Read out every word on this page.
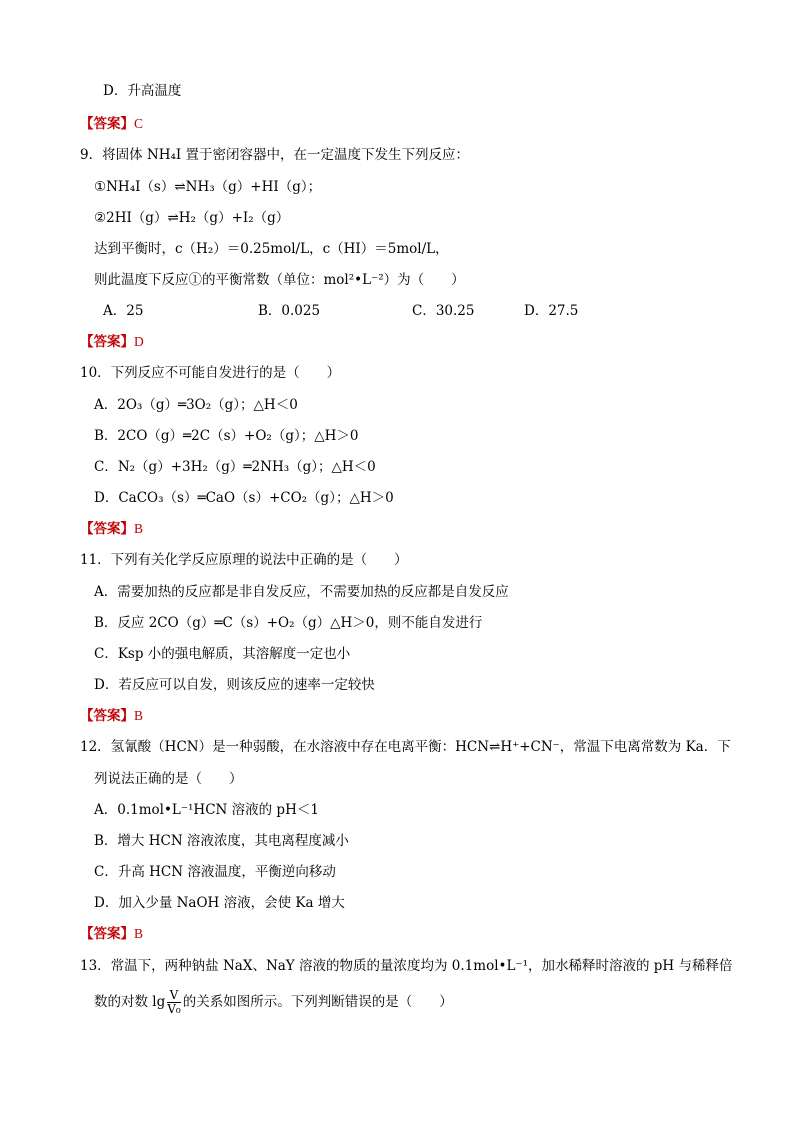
D．升高温度
【答案】C
9．将固体 NH₄I 置于密闭容器中，在一定温度下发生下列反应：
①NH₄I（s）⇌NH₃（g）+HI（g）；
②2HI（g）⇌H₂（g）+I₂（g）
达到平衡时，c（H₂）＝0.25mol/L，c（HI）＝5mol/L，
则此温度下反应①的平衡常数（单位：mol²•L⁻²）为（　　）
A．25	B．0.025	C．30.25	D．27.5
【答案】D
10．下列反应不可能自发进行的是（　　）
A．2O₃（g）═3O₂（g）；△H＜0
B．2CO（g）═2C（s）+O₂（g）；△H＞0
C．N₂（g）+3H₂（g）═2NH₃（g）；△H＜0
D．CaCO₃（s）═CaO（s）+CO₂（g）；△H＞0
【答案】B
11．下列有关化学反应原理的说法中正确的是（　　）
A．需要加热的反应都是非自发反应，不需要加热的反应都是自发反应
B．反应 2CO（g）═C（s）+O₂（g）△H＞0，则不能自发进行
C．Ksp 小的强电解质，其溶解度一定也小
D．若反应可以自发，则该反应的速率一定较快
【答案】B
12．氢氰酸（HCN）是一种弱酸，在水溶液中存在电离平衡：HCN⇌H⁺+CN⁻，常温下电离常数为 Ka．下
列说法正确的是（　　）
A．0.1mol•L⁻¹HCN 溶液的 pH＜1
B．增大 HCN 溶液浓度，其电离程度减小
C．升高 HCN 溶液温度，平衡逆向移动
D．加入少量 NaOH 溶液，会使 Ka 增大
【答案】B
13．常温下，两种钠盐 NaX、NaY 溶液的物质的量浓度均为 0.1mol•L⁻¹，加水稀释时溶液的 pH 与稀释倍
数的对数 $\lg \frac{V}{\text{V₀}}$ 的关系如图所示。下列判断错误的是（　　）
